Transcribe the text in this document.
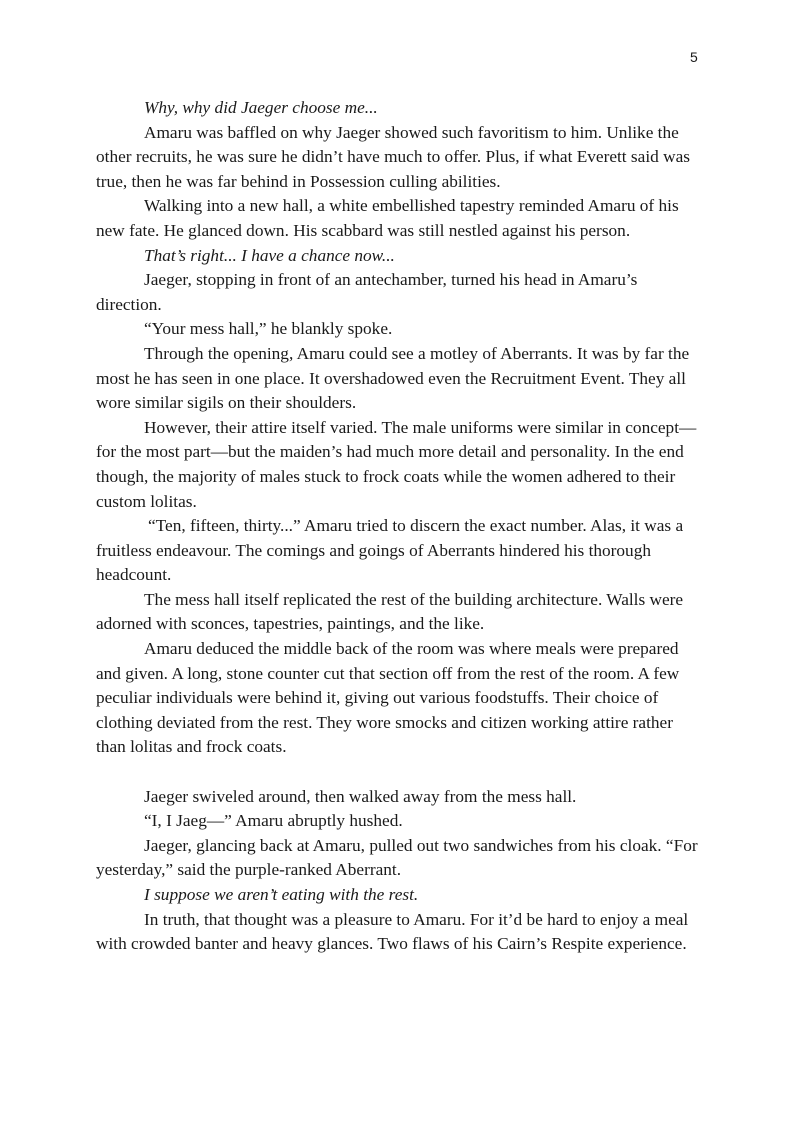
5

Why, why did Jaeger choose me...

Amaru was baffled on why Jaeger showed such favoritism to him. Unlike the other recruits, he was sure he didn’t have much to offer. Plus, if what Everett said was true, then he was far behind in Possession culling abilities.

Walking into a new hall, a white embellished tapestry reminded Amaru of his new fate. He glanced down. His scabbard was still nestled against his person.

That’s right... I have a chance now...

Jaeger, stopping in front of an antechamber, turned his head in Amaru’s direction.

“Your mess hall,” he blankly spoke.

Through the opening, Amaru could see a motley of Aberrants. It was by far the most he has seen in one place. It overshadowed even the Recruitment Event. They all wore similar sigils on their shoulders.

However, their attire itself varied. The male uniforms were similar in concept—for the most part—but the maiden’s had much more detail and personality. In the end though, the majority of males stuck to frock coats while the women adhered to their custom lolitas.

“Ten, fifteen, thirty...” Amaru tried to discern the exact number. Alas, it was a fruitless endeavour. The comings and goings of Aberrants hindered his thorough headcount.

The mess hall itself replicated the rest of the building architecture. Walls were adorned with sconces, tapestries, paintings, and the like.

Amaru deduced the middle back of the room was where meals were prepared and given. A long, stone counter cut that section off from the rest of the room. A few peculiar individuals were behind it, giving out various foodstuffs. Their choice of clothing deviated from the rest. They wore smocks and citizen working attire rather than lolitas and frock coats.

Jaeger swiveled around, then walked away from the mess hall.

“I, I Jaeg—” Amaru abruptly hushed.

Jaeger, glancing back at Amaru, pulled out two sandwiches from his cloak. “For yesterday,” said the purple-ranked Aberrant.

I suppose we aren’t eating with the rest.

In truth, that thought was a pleasure to Amaru. For it’d be hard to enjoy a meal with crowded banter and heavy glances. Two flaws of his Cairn’s Respite experience.
